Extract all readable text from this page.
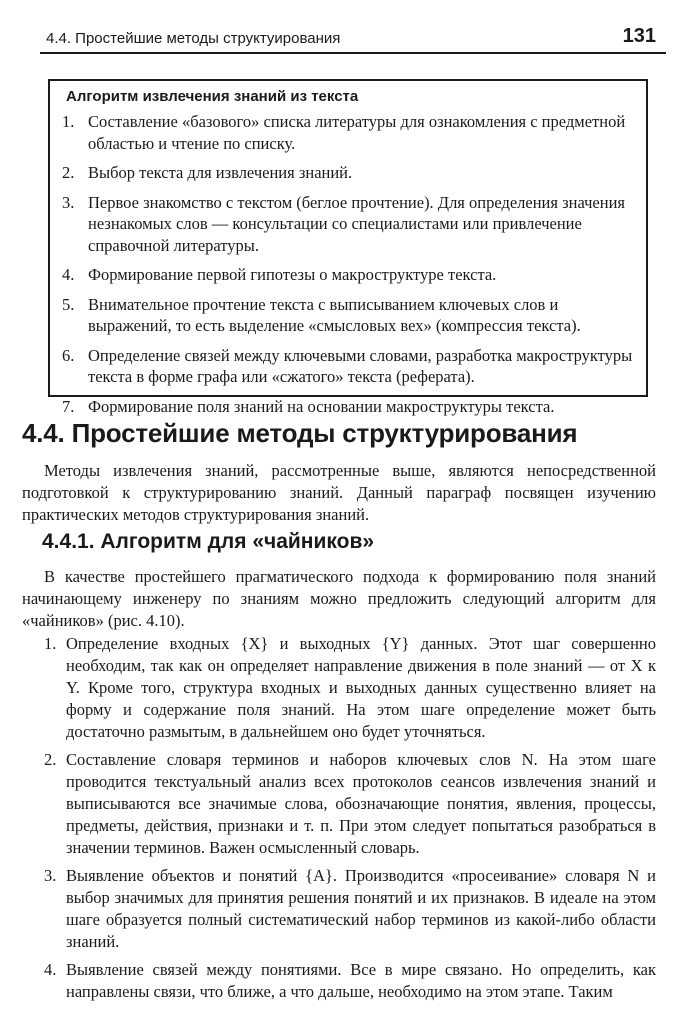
4.4. Простейшие методы структуирования	131
Алгоритм извлечения знаний из текста
1. Составление «базового» списка литературы для ознакомления с предметной областью и чтение по списку.
2. Выбор текста для извлечения знаний.
3. Первое знакомство с текстом (беглое прочтение). Для определения значения незнакомых слов — консультации со специалистами или привлечение справочной литературы.
4. Формирование первой гипотезы о макроструктуре текста.
5. Внимательное прочтение текста с выписыванием ключевых слов и выражений, то есть выделение «смысловых вех» (компрессия текста).
6. Определение связей между ключевыми словами, разработка макроструктуры текста в форме графа или «сжатого» текста (реферата).
7. Формирование поля знаний на основании макроструктуры текста.
4.4. Простейшие методы структурирования

Методы извлечения знаний, рассмотренные выше, являются непосредственной подготовкой к структурированию знаний. Данный параграф посвящен изучению практических методов структурирования знаний.

4.4.1. Алгоритм для «чайников»

В качестве простейшего прагматического подхода к формированию поля знаний начинающему инженеру по знаниям можно предложить следующий алгоритм для «чайников» (рис. 4.10).

1. Определение входных {X} и выходных {Y} данных. Этот шаг совершенно необходим, так как он определяет направление движения в поле знаний — от X к Y. Кроме того, структура входных и выходных данных существенно влияет на форму и содержание поля знаний. На этом шаге определение может быть достаточно размытым, в дальнейшем оно будет уточняться.
2. Составление словаря терминов и наборов ключевых слов N. На этом шаге проводится текстуальный анализ всех протоколов сеансов извлечения знаний и выписываются все значимые слова, обозначающие понятия, явления, процессы, предметы, действия, признаки и т. п. При этом следует попытаться разобраться в значении терминов. Важен осмысленный словарь.
3. Выявление объектов и понятий {A}. Производится «просеивание» словаря N и выбор значимых для принятия решения понятий и их признаков. В идеале на этом шаге образуется полный систематический набор терминов из какой-либо области знаний.
4. Выявление связей между понятиями. Все в мире связано. Но определить, как направлены связи, что ближе, а что дальше, необходимо на этом этапе. Таким
